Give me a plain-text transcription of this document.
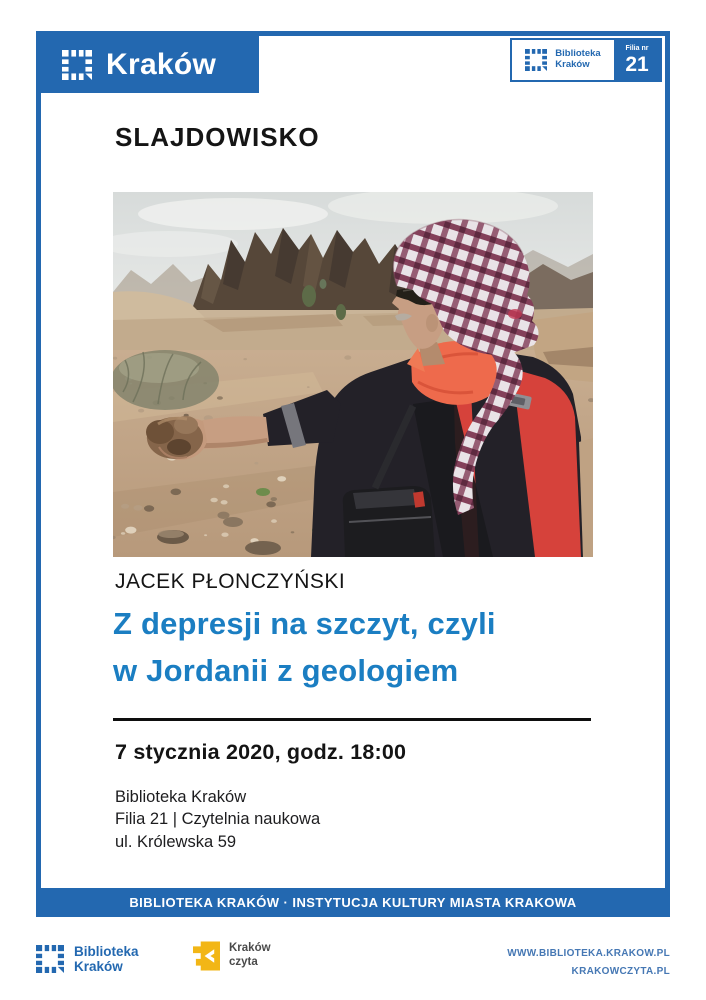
Kraków	Biblioteka
Kraków
Filia nr
21
SLAJDOWISKO
JACEK PŁONCZYŃSKI
Z depresji na szczyt, czyli
w Jordanii z geologiem
7 stycznia 2020, godz. 18:00
Biblioteka Kraków
Filia 21 | Czytelnia naukowa
ul. Królewska 59
BIBLIOTEKA KRAKÓW · INSTYTUCJA KULTURY MIASTA KRAKOWA
Biblioteka
Kraków
Kraków
czyta
WWW.BIBLIOTEKA.KRAKOW.PL
KRAKOWCZYTA.PL
